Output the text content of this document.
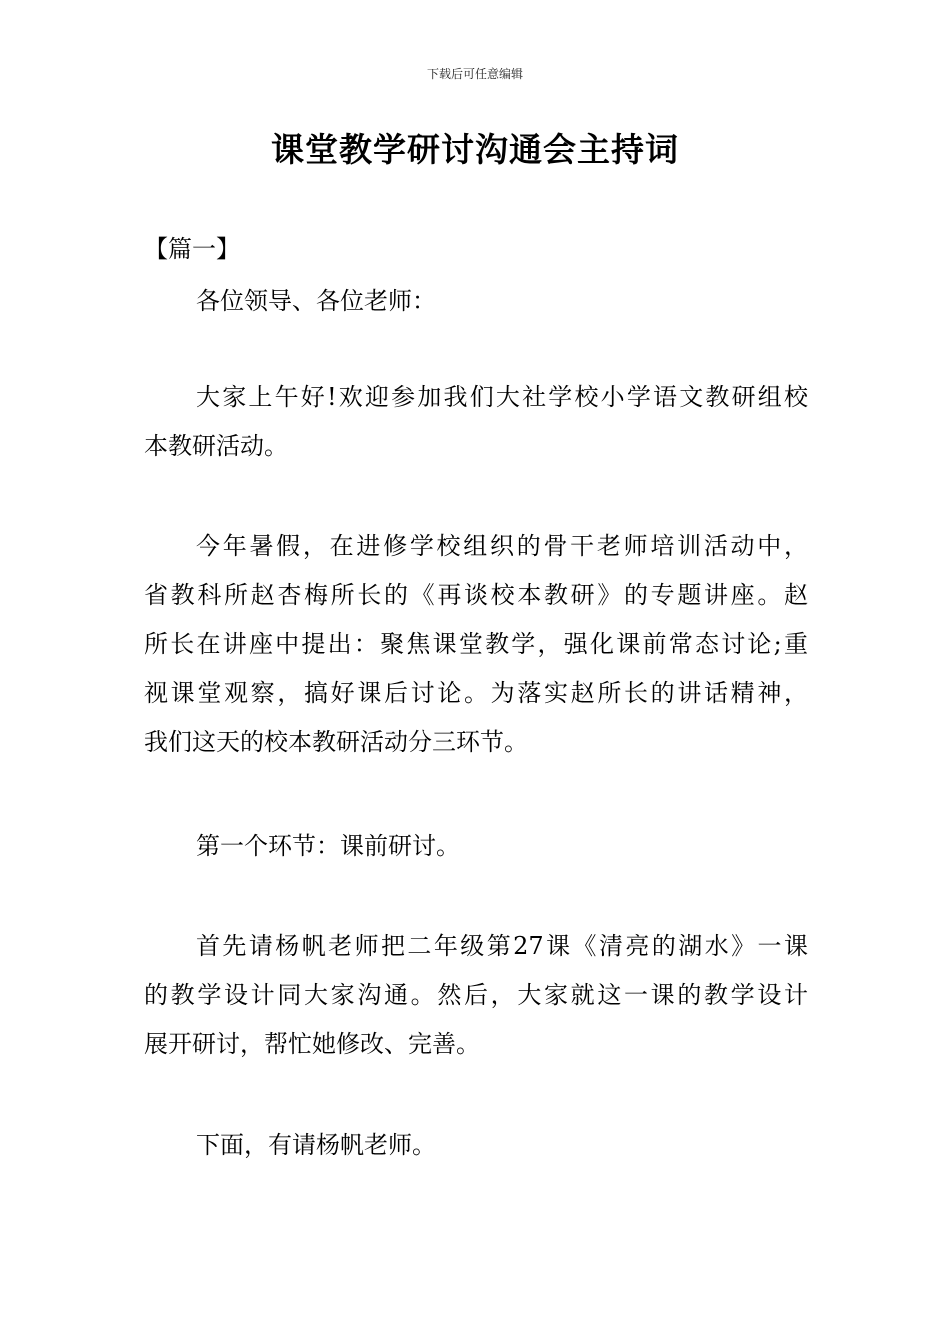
下载后可任意编辑
课堂教学研讨沟通会主持词
【篇一】
各位领导、各位老师：
大家上午好!欢迎参加我们大社学校小学语文教研组校
本教研活动。
今年暑假，在进修学校组织的骨干老师培训活动中，
省教科所赵杏梅所长的《再谈校本教研》的专题讲座。赵
所长在讲座中提出：聚焦课堂教学，强化课前常态讨论;重
视课堂观察，搞好课后讨论。为落实赵所长的讲话精神，
我们这天的校本教研活动分三环节。
第一个环节：课前研讨。
首先请杨帆老师把二年级第27课《清亮的湖水》一课
的教学设计同大家沟通。然后，大家就这一课的教学设计
展开研讨，帮忙她修改、完善。
下面，有请杨帆老师。
